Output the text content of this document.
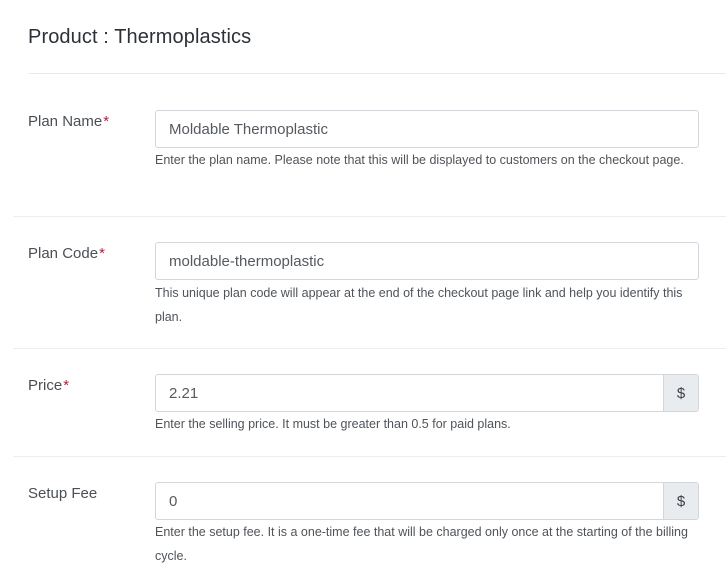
Product : Thermoplastics
Plan Name*
Moldable Thermoplastic
Enter the plan name. Please note that this will be displayed to customers on the checkout page.
Plan Code*
moldable-thermoplastic
This unique plan code will appear at the end of the checkout page link and help you identify this plan.
Price*
2.21	$
Enter the selling price. It must be greater than 0.5 for paid plans.
Setup Fee
0	$
Enter the setup fee. It is a one-time fee that will be charged only once at the starting of the billing cycle.
